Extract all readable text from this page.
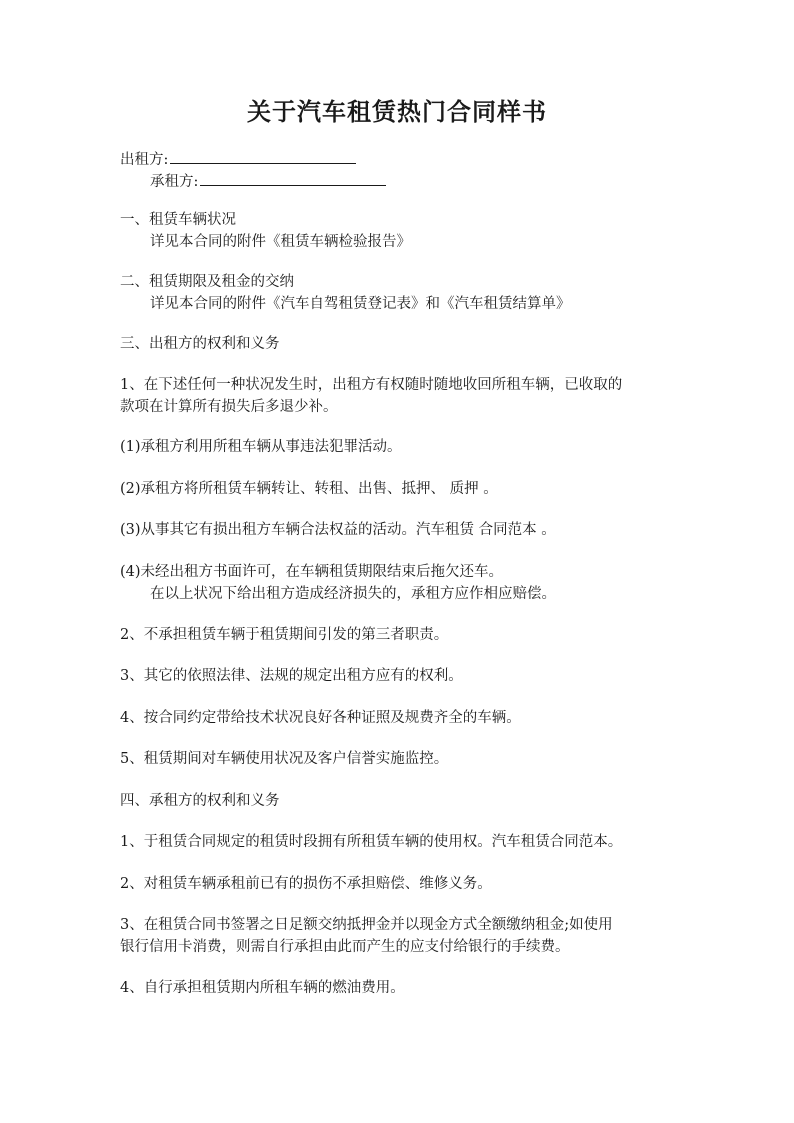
关于汽车租赁热门合同样书
出租方:
承租方:
一、租赁车辆状况
详见本合同的附件《租赁车辆检验报告》
二、租赁期限及租金的交纳
详见本合同的附件《汽车自驾租赁登记表》和《汽车租赁结算单》
三、出租方的权利和义务
1、在下述任何一种状况发生时，出租方有权随时随地收回所租车辆，已收取的
款项在计算所有损失后多退少补。
(1)承租方利用所租车辆从事违法犯罪活动。
(2)承租方将所租赁车辆转让、转租、出售、抵押、 质押 。
(3)从事其它有损出租方车辆合法权益的活动。汽车租赁 合同范本 。
(4)未经出租方书面许可，在车辆租赁期限结束后拖欠还车。
在以上状况下给出租方造成经济损失的，承租方应作相应赔偿。
2、不承担租赁车辆于租赁期间引发的第三者职责。
3、其它的依照法律、法规的规定出租方应有的权利。
4、按合同约定带给技术状况良好各种证照及规费齐全的车辆。
5、租赁期间对车辆使用状况及客户信誉实施监控。
四、承租方的权利和义务
1、于租赁合同规定的租赁时段拥有所租赁车辆的使用权。汽车租赁合同范本。
2、对租赁车辆承租前已有的损伤不承担赔偿、维修义务。
3、在租赁合同书签署之日足额交纳抵押金并以现金方式全额缴纳租金;如使用
银行信用卡消费，则需自行承担由此而产生的应支付给银行的手续费。
4、自行承担租赁期内所租车辆的燃油费用。
